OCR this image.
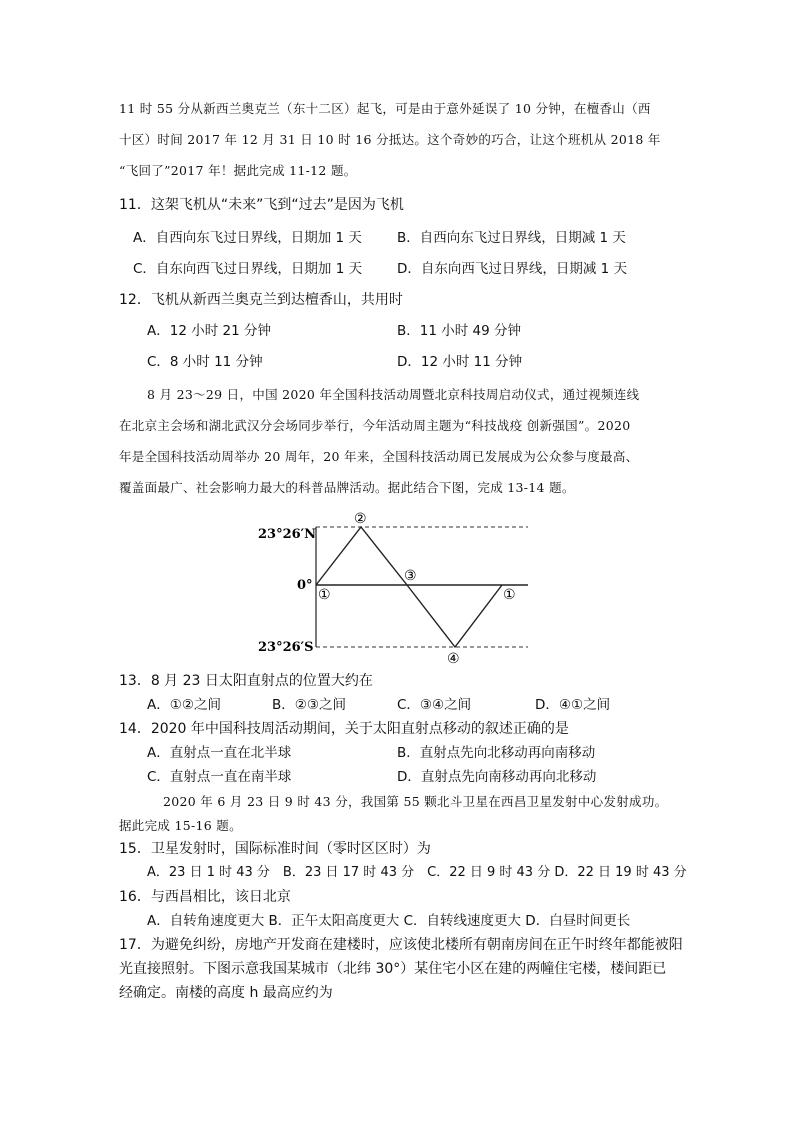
11 时 55 分从新西兰奥克兰（东十二区）起飞，可是由于意外延误了 10 分钟，在檀香山（西
十区）时间 2017 年 12 月 31 日 10 时 16 分抵达。这个奇妙的巧合，让这个班机从 2018 年
“飞回了”2017 年！据此完成 11-12 题。
11．这架飞机从“未来”飞到“过去”是因为飞机
A．自西向东飞过日界线，日期加 1 天	B．自西向东飞过日界线，日期减 1 天
C．自东向西飞过日界线，日期加 1 天	D．自东向西飞过日界线，日期减 1 天
12．飞机从新西兰奥克兰到达檀香山，共用时
A．12 小时 21 分钟	B．11 小时 49 分钟
C．8 小时 11 分钟	D．12 小时 11 分钟
8 月 23～29 日，中国 2020 年全国科技活动周暨北京科技周启动仪式，通过视频连线
在北京主会场和湖北武汉分会场同步举行，今年活动周主题为“科技战疫 创新强国”。2020
年是全国科技活动周举办 20 周年，20 年来，全国科技活动周已发展成为公众参与度最高、
覆盖面最广、社会影响力最大的科普品牌活动。据此结合下图，完成 13-14 题。
23°26′N
0°
23°26′S
①
②
③
④
①
13．8 月 23 日太阳直射点的位置大约在
A．①②之间	B．②③之间	C．③④之间	D．④①之间
14．2020 年中国科技周活动期间，关于太阳直射点移动的叙述正确的是
A．直射点一直在北半球	B．直射点先向北移动再向南移动
C．直射点一直在南半球	D．直射点先向南移动再向北移动
2020 年 6 月 23 日 9 时 43 分，我国第 55 颗北斗卫星在西昌卫星发射中心发射成功。
据此完成 15-16 题。
15．卫星发射时，国际标准时间（零时区区时）为
A．23 日 1 时 43 分　B．23 日 17 时 43 分　C．22 日 9 时 43 分 D．22 日 19 时 43 分
16．与西昌相比，该日北京
A．自转角速度更大 B．正午太阳高度更大 C．自转线速度更大 D．白昼时间更长
17．为避免纠纷，房地产开发商在建楼时，应该使北楼所有朝南房间在正午时终年都能被阳
光直接照射。下图示意我国某城市（北纬 30°）某住宅小区在建的两幢住宅楼，楼间距已
经确定。南楼的高度 h 最高应约为
